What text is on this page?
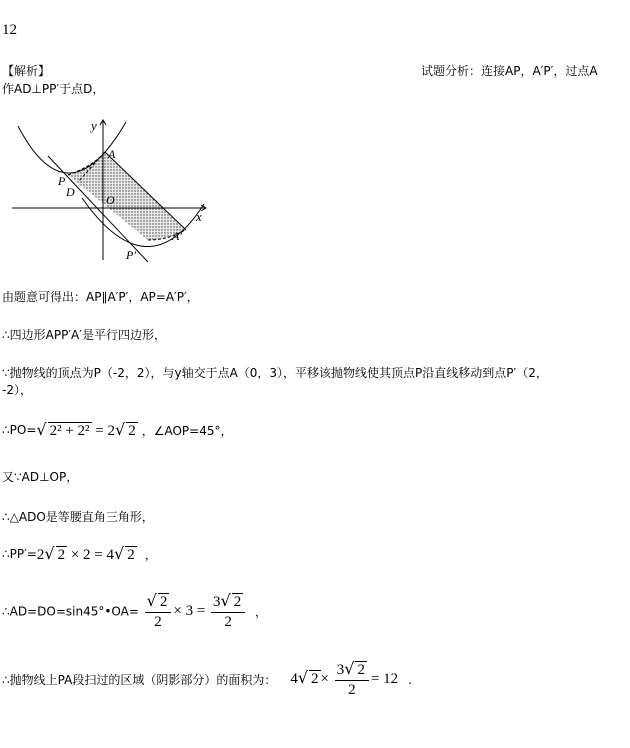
12
【解析】	试题分析：连接AP，A′P′，过点A
作AD⊥PP′于点D，
y
x
A
P
D
O
A′
P′
由题意可得出：AP∥A′P′，AP=A′P′，
∴四边形APP′A′是平行四边形，
∵抛物线的顶点为P（-2，2），与y轴交于点A（0，3），平移该抛物线使其顶点P沿直线移动到点P′（2，
-2），
∴PO=√ 2² + 2² = 2√ 2 ，∠AOP=45°，
又∵AD⊥OP，
∴△ADO是等腰直角三角形，
∴PP′=2√ 2 × 2 = 4√ 2 ，
∴AD=DO=sin45°•OA= $\frac{√ 2}{2} \times 3 = \frac{3√ 2}{2}$ ，
∴抛物线上PA段扫过的区域（阴影部分）的面积为： 4√ $2 \times \frac{3√ 2}{2} = 12$ .
